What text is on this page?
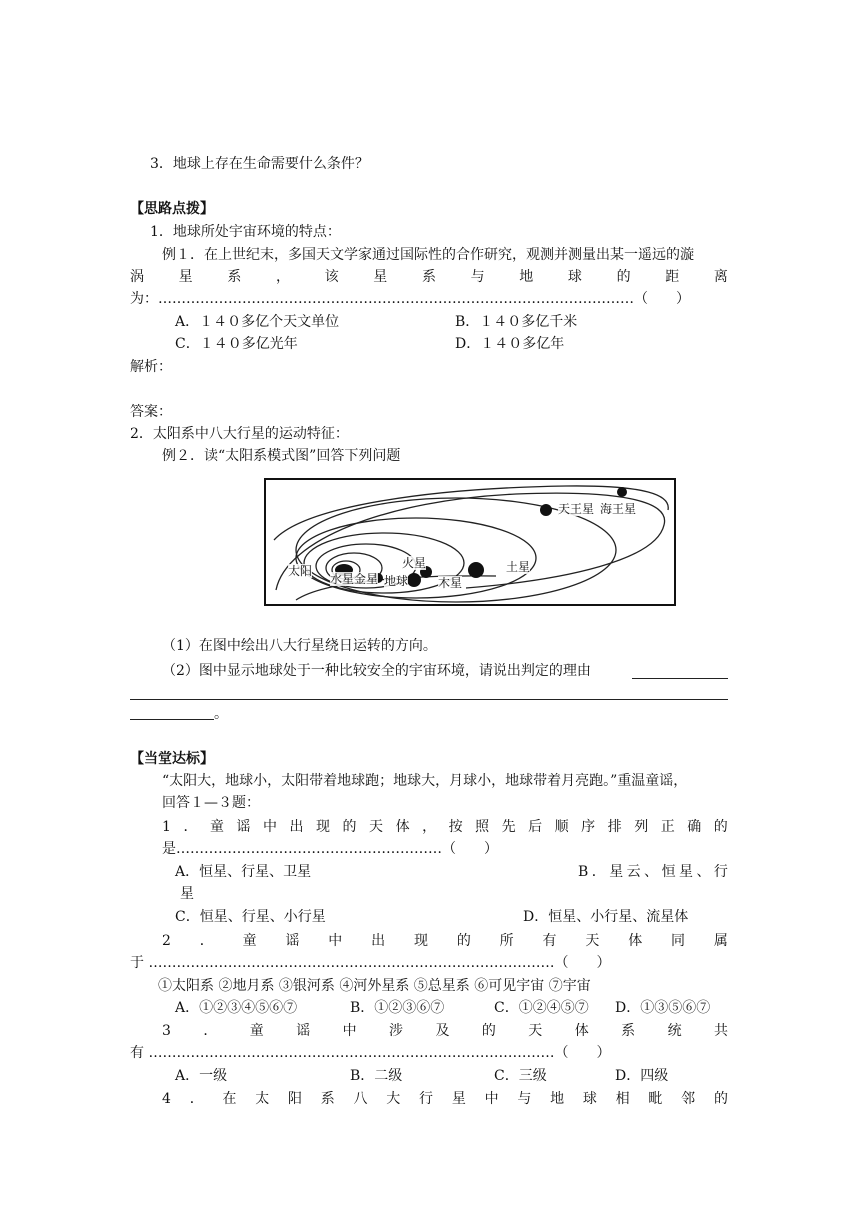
3．地球上存在生命需要什么条件？
【思路点拨】
1．地球所处宇宙环境的特点：
例１．在上世纪末，多国天文学家通过国际性的合作研究，观测并测量出某一遥远的漩
涡 星 系 ， 该 星 系 与 地 球 的 距 离
为：…………………………………………………………………………………………（　　）
A．１４０多亿个天文单位	B．１４０多亿千米
C．１４０多亿光年	D．１４０多亿年
解析：
答案：
2．太阳系中八大行星的运动特征：
例２．读“太阳系模式图”回答下列问题
太阳
水星金星 地球
火星
木星
土星
天王星 海王星
（1）在图中绘出八大行星绕日运转的方向。
（2）图中显示地球处于一种比较安全的宇宙环境，请说出判定的理由
。
【当堂达标】
“太阳大，地球小，太阳带着地球跑；地球大，月球小，地球带着月亮跑。”重温童谣，
回答１—３题：
1 ． 童 谣 中 出 现 的 天 体 ， 按 照 先 后 顺 序 排 列 正 确 的
是…………………………………………………（　　）
A．恒星、行星、卫星	B ． 星 云 、 恒 星 、 行
星
C．恒星、行星、小行星	D．恒星、小行星、流星体
2 ． 童 谣 中 出 现 的 所 有 天 体 同 属
于 ……………………………………………………………………………（　　）
①太阳系 ②地月系 ③银河系 ④河外星系 ⑤总星系 ⑥可见宇宙 ⑦宇宙
A．①②③④⑤⑥⑦	B．①②③⑥⑦	C．①②④⑤⑦ D．①③⑤⑥⑦
3 ． 童 谣 中 涉 及 的 天 体 系 统 共
有 ……………………………………………………………………………（　　）
A．一级	B．二级	C．三级	D．四级
4 ． 在 太 阳 系 八 大 行 星 中 与 地 球 相 毗 邻 的
